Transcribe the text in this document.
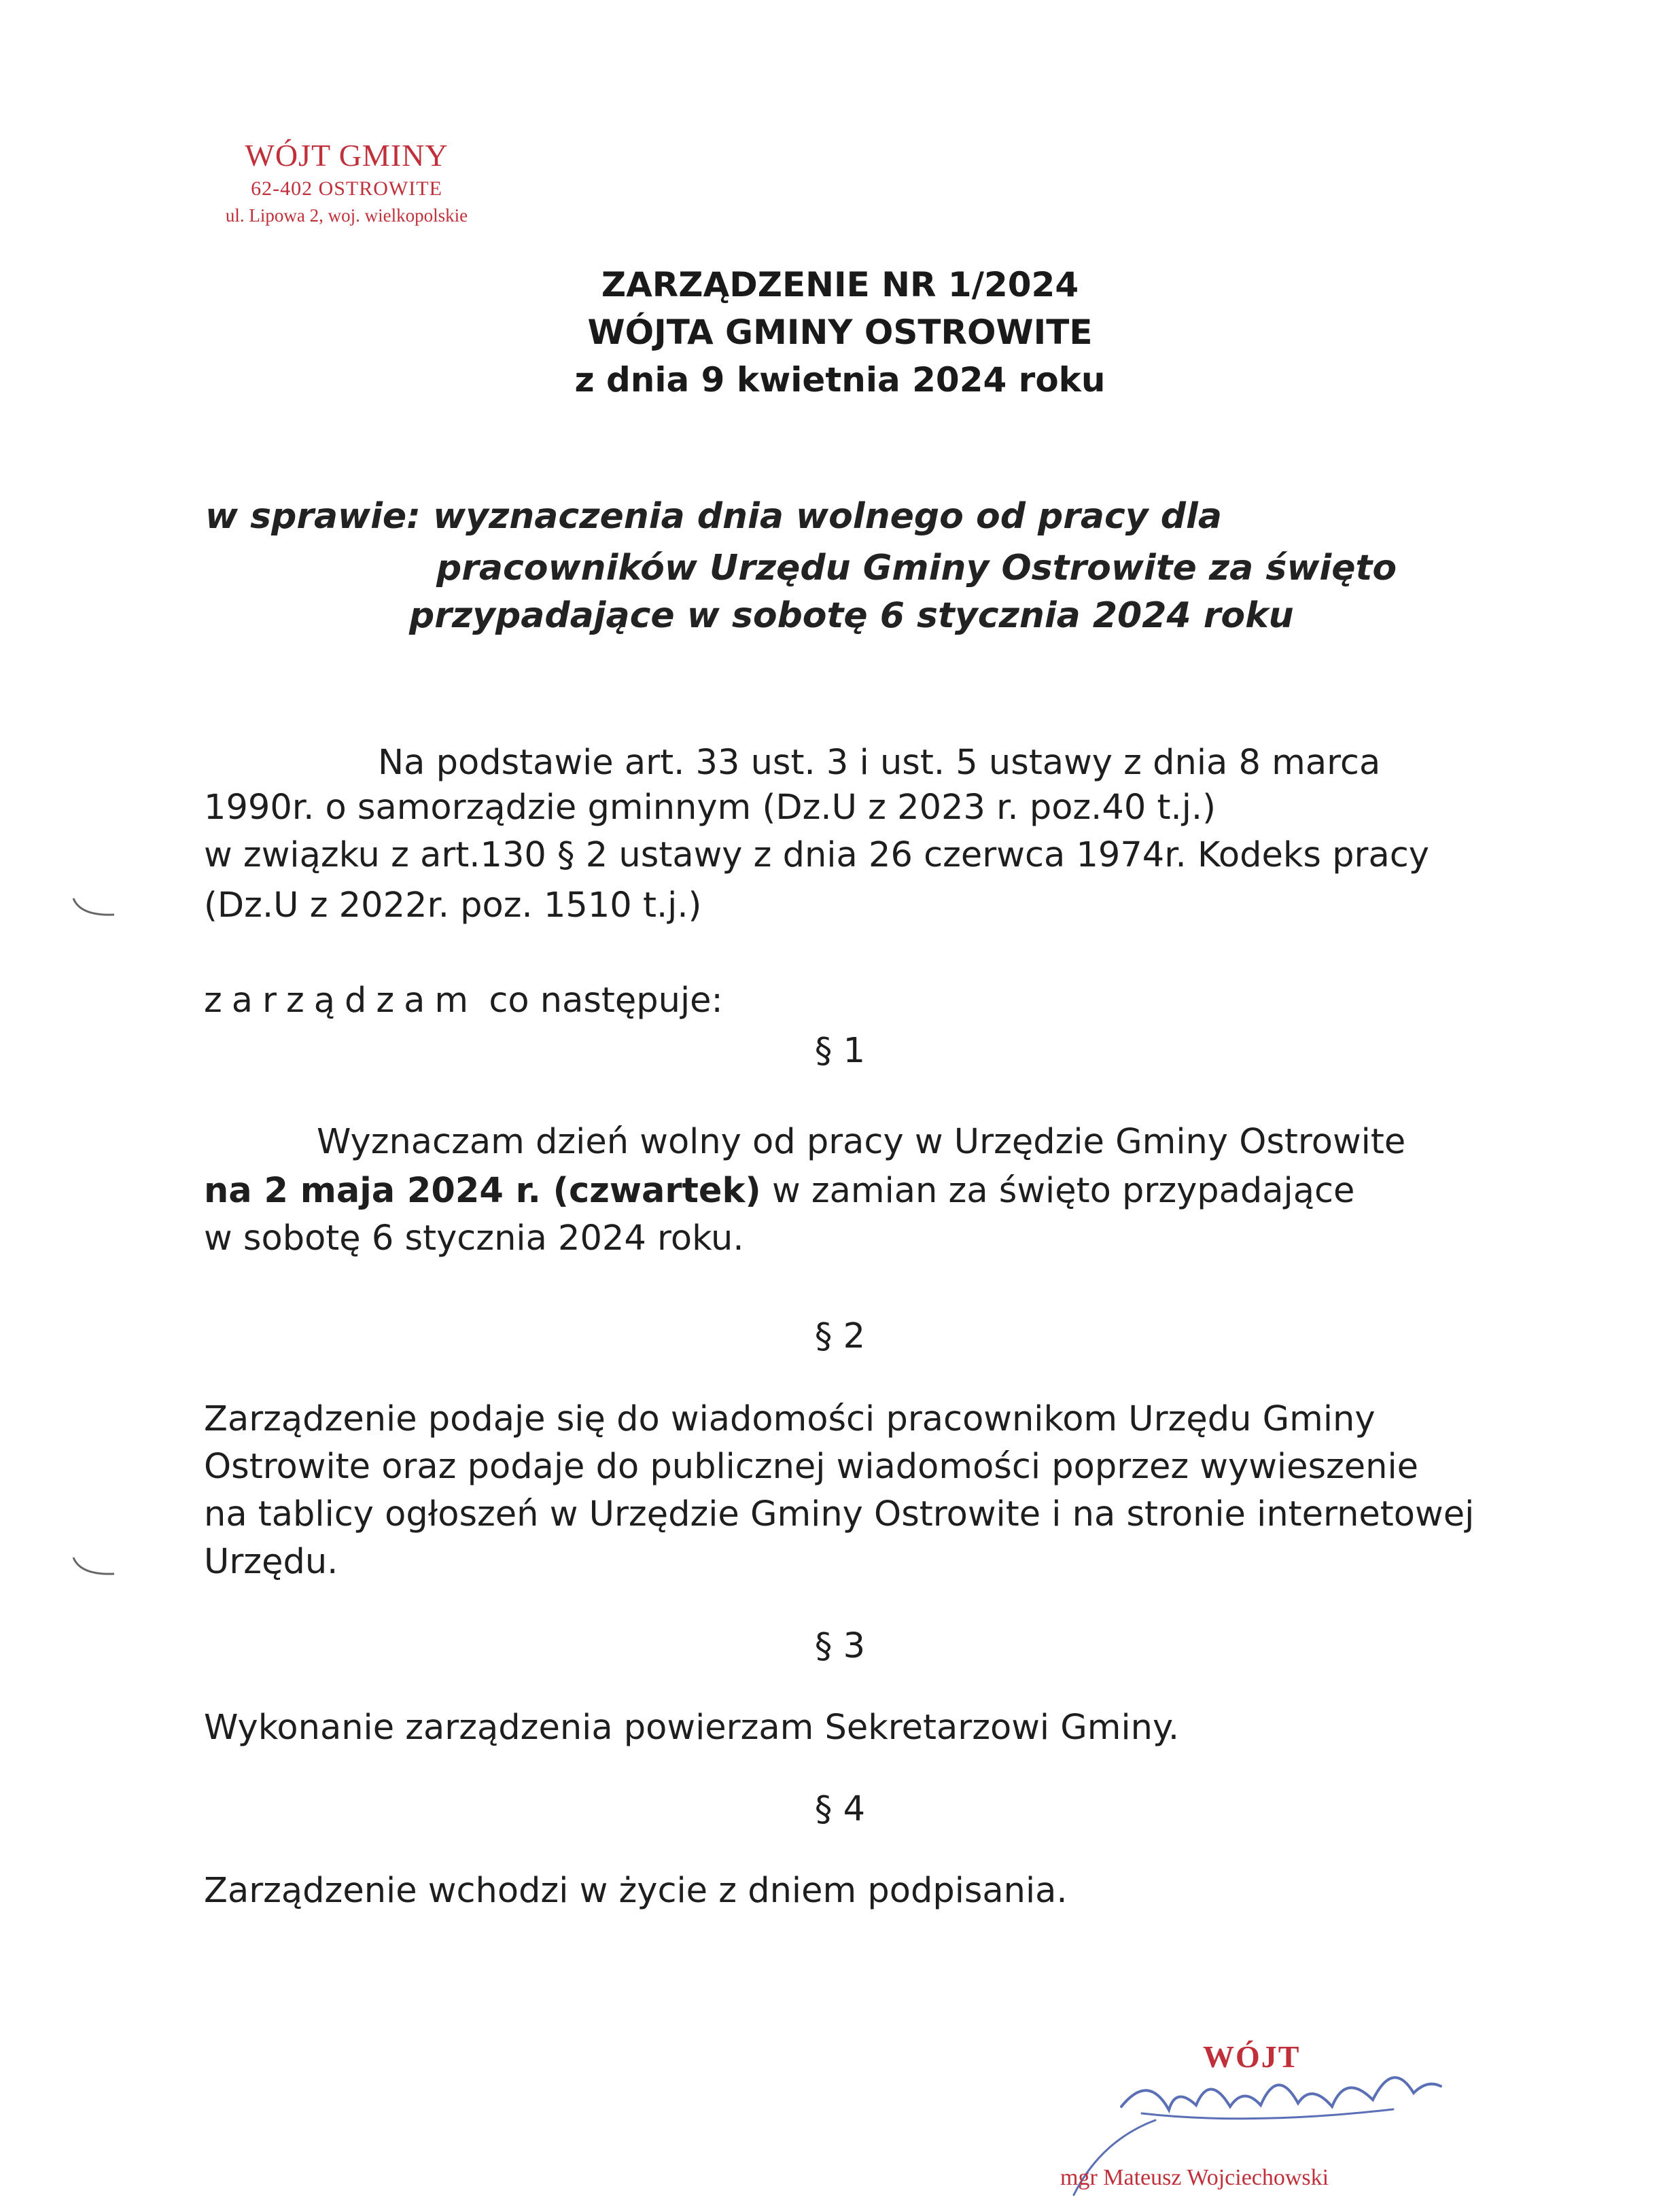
WÓJT GMINY
62-402 OSTROWITE
ul. Lipowa 2, woj. wielkopolskie
ZARZĄDZENIE NR 1/2024
WÓJTA GMINY OSTROWITE
z dnia 9 kwietnia 2024 roku
w sprawie: wyznaczenia dnia wolnego od pracy dla
pracowników Urzędu Gminy Ostrowite za święto
przypadające w sobotę 6 stycznia 2024 roku
Na podstawie art. 33 ust. 3 i ust. 5 ustawy z dnia 8 marca
1990r. o samorządzie gminnym (Dz.U z 2023 r. poz.40 t.j.)
w związku z art.130 § 2 ustawy z dnia 26 czerwca 1974r. Kodeks pracy
(Dz.U z 2022r. poz. 1510 t.j.)
zarządzam co następuje:
§ 1
Wyznaczam dzień wolny od pracy w Urzędzie Gminy Ostrowite
na 2 maja 2024 r. (czwartek) w zamian za święto przypadające
w sobotę 6 stycznia 2024 roku.
§ 2
Zarządzenie podaje się do wiadomości pracownikom Urzędu Gminy
Ostrowite oraz podaje do publicznej wiadomości poprzez wywieszenie
na tablicy ogłoszeń w Urzędzie Gminy Ostrowite i na stronie internetowej
Urzędu.
§ 3
Wykonanie zarządzenia powierzam Sekretarzowi Gminy.
§ 4
Zarządzenie wchodzi w życie z dniem podpisania.
WÓJT
mgr Mateusz Wojciechowski
